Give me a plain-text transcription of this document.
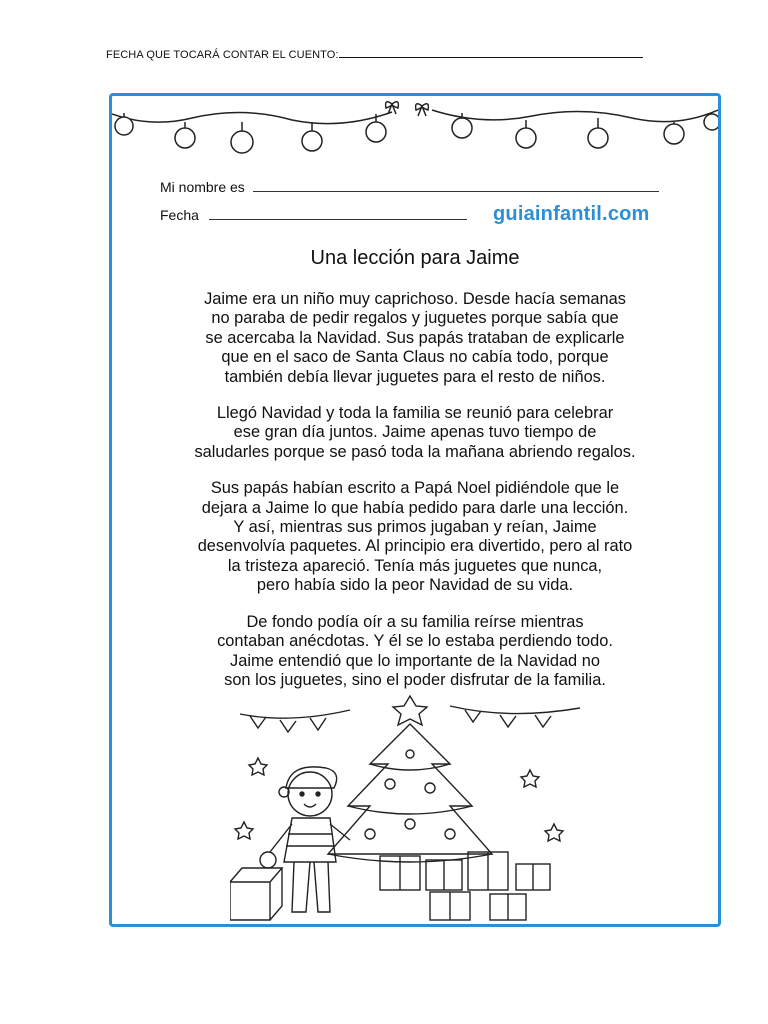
FECHA QUE TOCARÁ CONTAR EL CUENTO:
Mi nombre es
Fecha	guiainfantil.com
Una lección para Jaime

Jaime era un niño muy caprichoso. Desde hacía semanas
no paraba de pedir regalos y juguetes porque sabía que
se acercaba la Navidad. Sus papás trataban de explicarle
que en el saco de Santa Claus no cabía todo, porque
también debía llevar juguetes para el resto de niños.

Llegó Navidad y toda la familia se reunió para celebrar
ese gran día juntos. Jaime apenas tuvo tiempo de
saludarles porque se pasó toda la mañana abriendo regalos.

Sus papás habían escrito a Papá Noel pidiéndole que le
dejara a Jaime lo que había pedido para darle una lección.
Y así, mientras sus primos jugaban y reían, Jaime
desenvolvía paquetes. Al principio era divertido, pero al rato
la tristeza apareció. Tenía más juguetes que nunca,
pero había sido la peor Navidad de su vida.

De fondo podía oír a su familia reírse mientras
contaban anécdotas. Y él se lo estaba perdiendo todo.
Jaime entendió que lo importante de la Navidad no
son los juguetes, sino el poder disfrutar de la familia.
